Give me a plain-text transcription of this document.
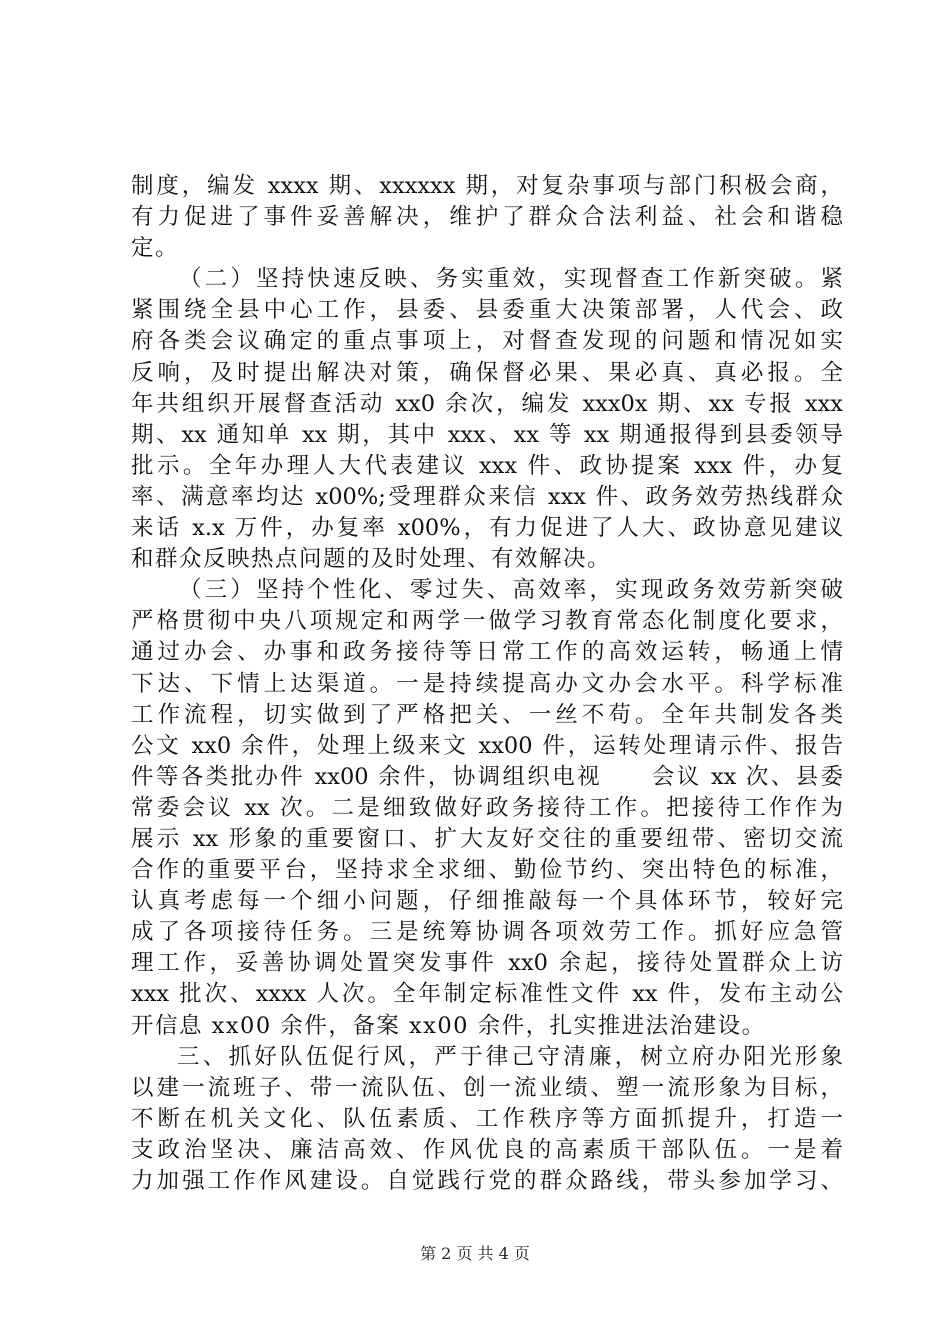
制度，编发 xxxx 期、xxxxxx 期，对复杂事项与部门积极会商，
有力促进了事件妥善解决，维护了群众合法利益、社会和谐稳
定。
（二）坚持快速反映、务实重效，实现督查工作新突破。紧
紧围绕全县中心工作，县委、县委重大决策部署，人代会、政
府各类会议确定的重点事项上，对督查发现的问题和情况如实
反响，及时提出解决对策，确保督必果、果必真、真必报。全
年共组织开展督查活动 xx0 余次，编发 xxx0x 期、xx 专报 xxx
期、xx 通知单 xx 期，其中 xxx、xx 等 xx 期通报得到县委领导
批示。全年办理人大代表建议 xxx 件、政协提案 xxx 件，办复
率、满意率均达 x00%;受理群众来信 xxx 件、政务效劳热线群众
来话 x.x 万件，办复率 x00%，有力促进了人大、政协意见建议
和群众反映热点问题的及时处理、有效解决。
（三）坚持个性化、零过失、高效率，实现政务效劳新突破
严格贯彻中央八项规定和两学一做学习教育常态化制度化要求，
通过办会、办事和政务接待等日常工作的高效运转，畅通上情
下达、下情上达渠道。一是持续提高办文办会水平。科学标准
工作流程，切实做到了严格把关、一丝不苟。全年共制发各类
公文 xx0 余件，处理上级来文 xx00 件，运转处理请示件、报告
件等各类批办件 xx00 余件，协调组织电视　　会议 xx 次、县委
常委会议 xx 次。二是细致做好政务接待工作。把接待工作作为
展示 xx 形象的重要窗口、扩大友好交往的重要纽带、密切交流
合作的重要平台，坚持求全求细、勤俭节约、突出特色的标准，
认真考虑每一个细小问题，仔细推敲每一个具体环节，较好完
成了各项接待任务。三是统筹协调各项效劳工作。抓好应急管
理工作，妥善协调处置突发事件 xx0 余起，接待处置群众上访
xxx 批次、xxxx 人次。全年制定标准性文件 xx 件，发布主动公
开信息 xx00 余件，备案 xx00 余件，扎实推进法治建设。
三、抓好队伍促行风，严于律己守清廉，树立府办阳光形象
以建一流班子、带一流队伍、创一流业绩、塑一流形象为目标，
不断在机关文化、队伍素质、工作秩序等方面抓提升，打造一
支政治坚决、廉洁高效、作风优良的高素质干部队伍。一是着
力加强工作作风建设。自觉践行党的群众路线，带头参加学习、
第 2 页 共 4 页
